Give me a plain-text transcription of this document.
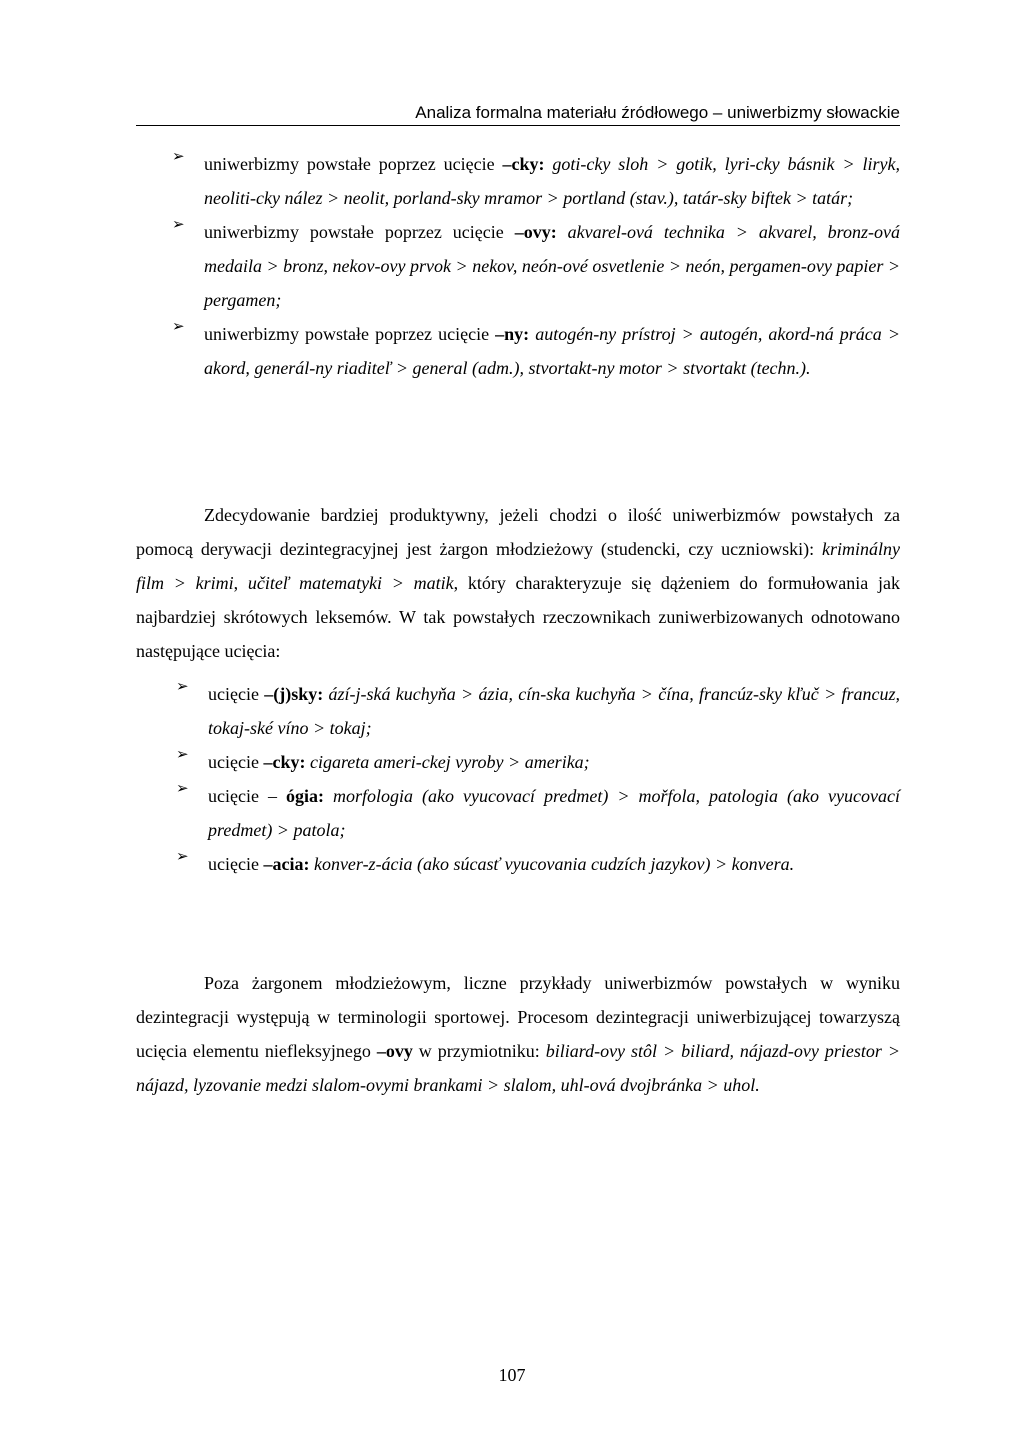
Analiza formalna materiału źródłowego – uniwerbizmy słowackie
➢ uniwerbizmy powstałe poprzez ucięcie –cky: goti-cky sloh > gotik, lyri-cky básnik > liryk, neoliti-cky nález > neolit, porland-sky mramor > portland (stav.), tatár-sky biftek > tatár;
➢ uniwerbizmy powstałe poprzez ucięcie –ovy: akvarel-ová technika > akvarel, bronz-ová medaila > bronz, nekov-ovy prvok > nekov, neón-ové osvetlenie > neón, pergamen-ovy papier > pergamen;
➢ uniwerbizmy powstałe poprzez ucięcie –ny: autogén-ny prístroj > autogén, akord-ná práca > akord, generál-ny riaditeľ > general (adm.), stvortakt-ny motor > stvortakt (techn.).

Zdecydowanie bardziej produktywny, jeżeli chodzi o ilość uniwerbizmów powstałych za pomocą derywacji dezintegracyjnej jest żargon młodzieżowy (studencki, czy uczniowski): kriminálny film > krimi, učiteľ matematyki > matik, który charakteryzuje się dążeniem do formułowania jak najbardziej skrótowych leksemów. W tak powstałych rzeczownikach zuniwerbizowanych odnotowano następujące ucięcia:

➢ ucięcie –(j)sky: ází-j-ská kuchyňa > ázia, cín-ska kuchyňa > čína, francúz-sky kľuč > francuz, tokaj-ské víno > tokaj;
➢ ucięcie –cky: cigareta ameri-ckej vyroby > amerika;
➢ ucięcie – ógia: morfologia (ako vyucovací predmet) > mořfola, patologia (ako vyucovací predmet) > patola;
➢ ucięcie –acia: konver-z-ácia (ako súcasť vyucovania cudzích jazykov) > konvera.

Poza żargonem młodzieżowym, liczne przykłady uniwerbizmów powstałych w wyniku dezintegracji występują w terminologii sportowej. Procesom dezintegracji uniwerbizującej towarzyszą ucięcia elementu niefleksyjnego –ovy w przymiotniku: biliard-ovy stôl > biliard, nájazd-ovy priestor > nájazd, lyzovanie medzi slalom-ovymi brankami > slalom, uhl-ová dvojbránka > uhol.

107
